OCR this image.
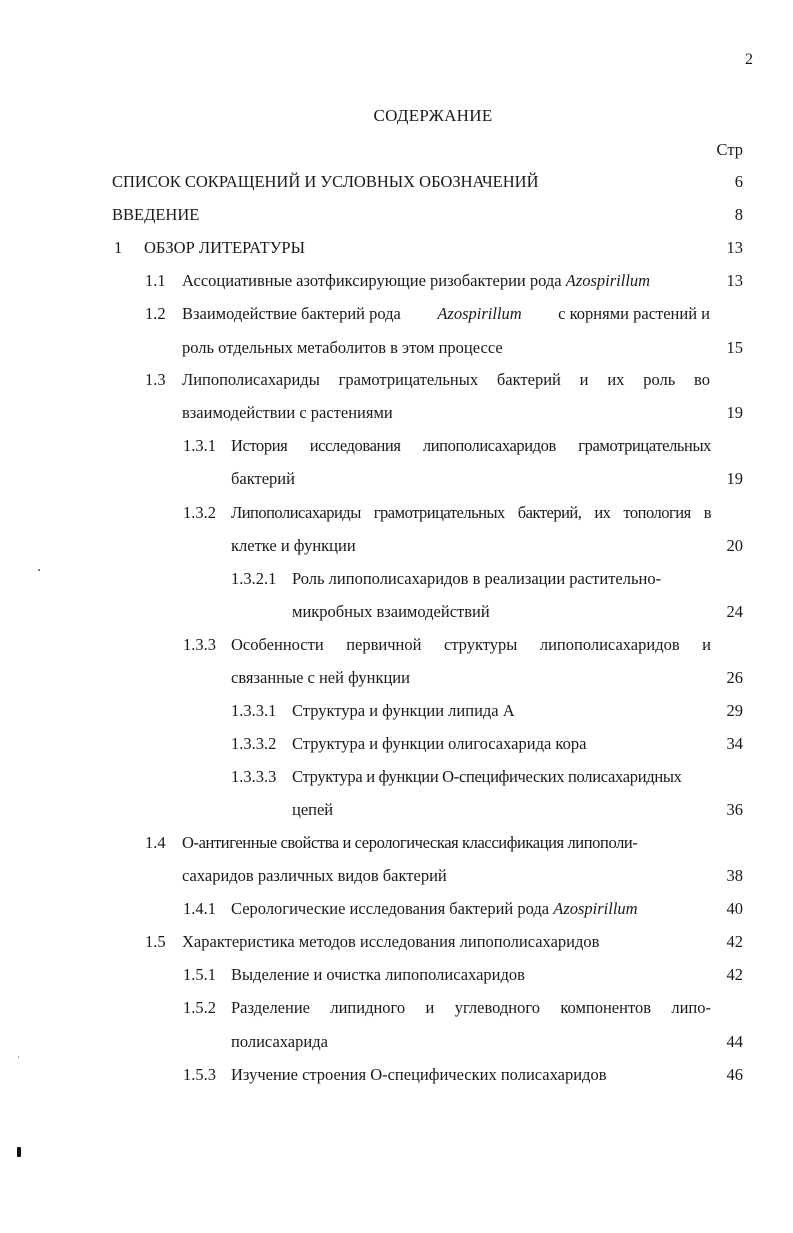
2
СОДЕРЖАНИЕ
Стр
СПИСОК СОКРАЩЕНИЙ И УСЛОВНЫХ ОБОЗНАЧЕНИЙ	6
ВВЕДЕНИЕ	8
1 ОБЗОР ЛИТЕРАТУРЫ	13
1.1 Ассоциативные азотфиксирующие ризобактерии рода Azospirillum	13
1.2 Взаимодействие бактерий рода Azospirillum с корнями растений и
роль отдельных метаболитов в этом процессе	15
1.3 Липополисахариды грамотрицательных бактерий и их роль во
взаимодействии с растениями	19
1.3.1 История исследования липополисахаридов грамотрицательных
бактерий	19
1.3.2 Липополисахариды грамотрицательных бактерий, их топология в
клетке и функции	20
1.3.2.1 Роль липополисахаридов в реализации растительно-
микробных взаимодействий	24
1.3.3 Особенности первичной структуры липополисахаридов и
связанные с ней функции	26
1.3.3.1 Структура и функции липида А	29
1.3.3.2 Структура и функции олигосахарида кора	34
1.3.3.3 Структура и функции О-специфических полисахаридных
цепей	36
1.4 О-антигенные свойства и серологическая классификация липополи-
сахаридов различных видов бактерий	38
1.4.1 Серологические исследования бактерий рода Azospirillum	40
1.5 Характеристика методов исследования липополисахаридов	42
1.5.1 Выделение и очистка липополисахаридов	42
1.5.2 Разделение липидного и углеводного компонентов липо-
полисахарида	44
1.5.3 Изучение строения О-специфических полисахаридов	46
